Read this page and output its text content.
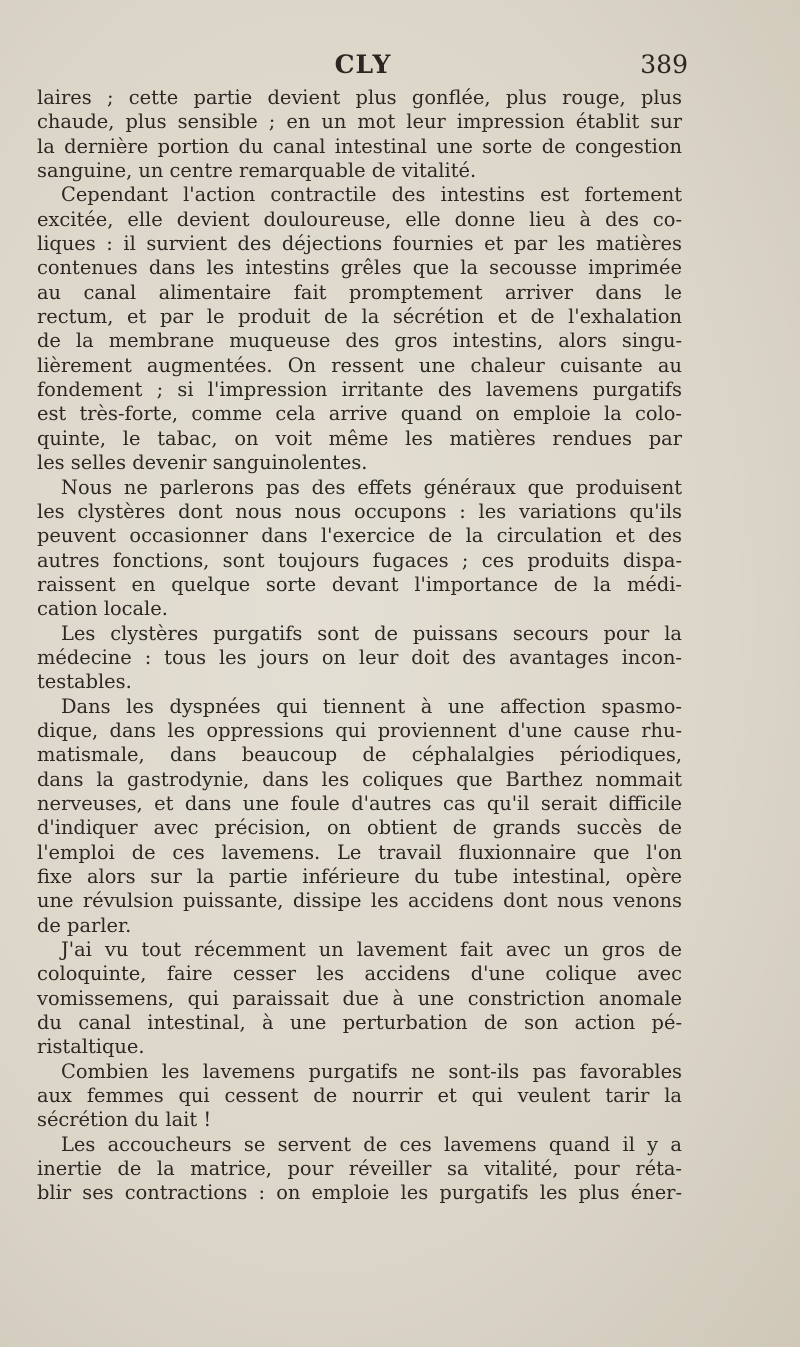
CLY	389
laires ; cette partie devient plus gonflée, plus rouge, plus
chaude, plus sensible ; en un mot leur impression établit sur
la dernière portion du canal intestinal une sorte de congestion
sanguine, un centre remarquable de vitalité.
Cependant l'action contractile des intestins est fortement
excitée, elle devient douloureuse, elle donne lieu à des co-
liques : il survient des déjections fournies et par les matières
contenues dans les intestins grêles que la secousse imprimée
au canal alimentaire fait promptement arriver dans le
rectum, et par le produit de la sécrétion et de l'exhalation
de la membrane muqueuse des gros intestins, alors singu-
lièrement augmentées. On ressent une chaleur cuisante au
fondement ; si l'impression irritante des lavemens purgatifs
est très-forte, comme cela arrive quand on emploie la colo-
quinte, le tabac, on voit même les matières rendues par
les selles devenir sanguinolentes.
Nous ne parlerons pas des effets généraux que produisent
les clystères dont nous nous occupons : les variations qu'ils
peuvent occasionner dans l'exercice de la circulation et des
autres fonctions, sont toujours fugaces ; ces produits dispa-
raissent en quelque sorte devant l'importance de la médi-
cation locale.
Les clystères purgatifs sont de puissans secours pour la
médecine : tous les jours on leur doit des avantages incon-
testables.
Dans les dyspnées qui tiennent à une affection spasmo-
dique, dans les oppressions qui proviennent d'une cause rhu-
matismale, dans beaucoup de céphalalgies périodiques,
dans la gastrodynie, dans les coliques que Barthez nommait
nerveuses, et dans une foule d'autres cas qu'il serait difficile
d'indiquer avec précision, on obtient de grands succès de
l'emploi de ces lavemens. Le travail fluxionnaire que l'on
fixe alors sur la partie inférieure du tube intestinal, opère
une révulsion puissante, dissipe les accidens dont nous venons
de parler.
J'ai vu tout récemment un lavement fait avec un gros de
coloquinte, faire cesser les accidens d'une colique avec
vomissemens, qui paraissait due à une constriction anomale
du canal intestinal, à une perturbation de son action pé-
ristaltique.
Combien les lavemens purgatifs ne sont-ils pas favorables
aux femmes qui cessent de nourrir et qui veulent tarir la
sécrétion du lait !
Les accoucheurs se servent de ces lavemens quand il y a
inertie de la matrice, pour réveiller sa vitalité, pour réta-
blir ses contractions : on emploie les purgatifs les plus éner-
